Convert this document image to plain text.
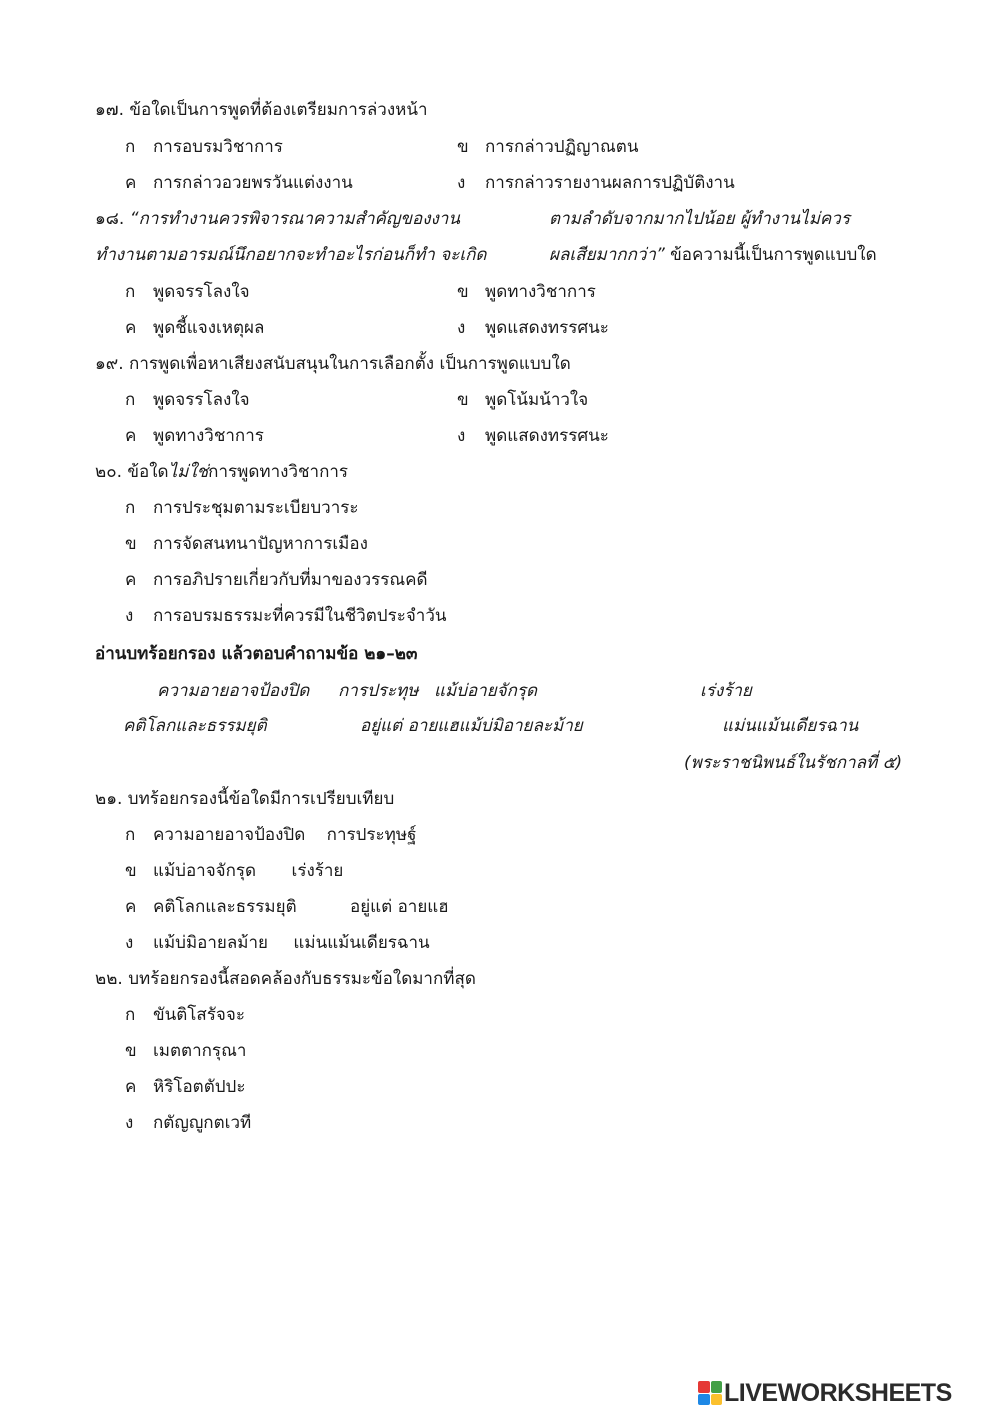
๑๗. ข้อใดเป็นการพูดที่ต้องเตรียมการล่วงหน้า
ก การอบรมวิชาการ	ข การกล่าวปฏิญาณตน
ค การกล่าวอวยพรวันแต่งงาน	ง การกล่าวรายงานผลการปฏิบัติงาน
๑๘. “การทำงานควรพิจารณาความสำคัญของงาน	ตามลำดับจากมากไปน้อย ผู้ทำงานไม่ควร
ทำงานตามอารมณ์นึกอยากจะทำอะไรก่อนก็ทำ จะเกิด	ผลเสียมากกว่า” ข้อความนี้เป็นการพูดแบบใด
ก พูดจรรโลงใจ	ข พูดทางวิชาการ
ค พูดชี้แจงเหตุผล	ง พูดแสดงทรรศนะ
๑๙. การพูดเพื่อหาเสียงสนับสนุนในการเลือกตั้ง เป็นการพูดแบบใด
ก พูดจรรโลงใจ	ข พูดโน้มน้าวใจ
ค พูดทางวิชาการ	ง พูดแสดงทรรศนะ
๒๐. ข้อใดไม่ใช่การพูดทางวิชาการ
ก การประชุมตามระเบียบวาระ
ข การจัดสนทนาปัญหาการเมือง
ค การอภิปรายเกี่ยวกับที่มาของวรรณคดี
ง การอบรมธรรมะที่ควรมีในชีวิตประจำวัน
อ่านบทร้อยกรอง แล้วตอบคำถามข้อ ๒๑–๒๓
ความอายอาจป้องปิด การประทุษ แม้บ่อายจักรุด	เร่งร้าย
คติโลกและธรรมยุติ	อยู่แต่ อายแฮแม้บ่มิอายละม้าย	แม่นแม้นเดียรฉาน
(พระราชนิพนธ์ในรัชกาลที่ ๕)
๒๑. บทร้อยกรองนี้ข้อใดมีการเปรียบเทียบ
ก ความอายอาจป้องปิด การประทุษฐ์
ข แม้บ่อาจจักรุด เร่งร้าย
ค คติโลกและธรรมยุติ	อยู่แต่ อายแฮ
ง แม้บ่มิอายลม้าย แม่นแม้นเดียรฉาน
๒๒. บทร้อยกรองนี้สอดคล้องกับธรรมะข้อใดมากที่สุด
ก ขันติโสรัจจะ
ข เมตตากรุณา
ค หิริโอตตัปปะ
ง กตัญญูกตเวที
LIVEWORKSHEETS
